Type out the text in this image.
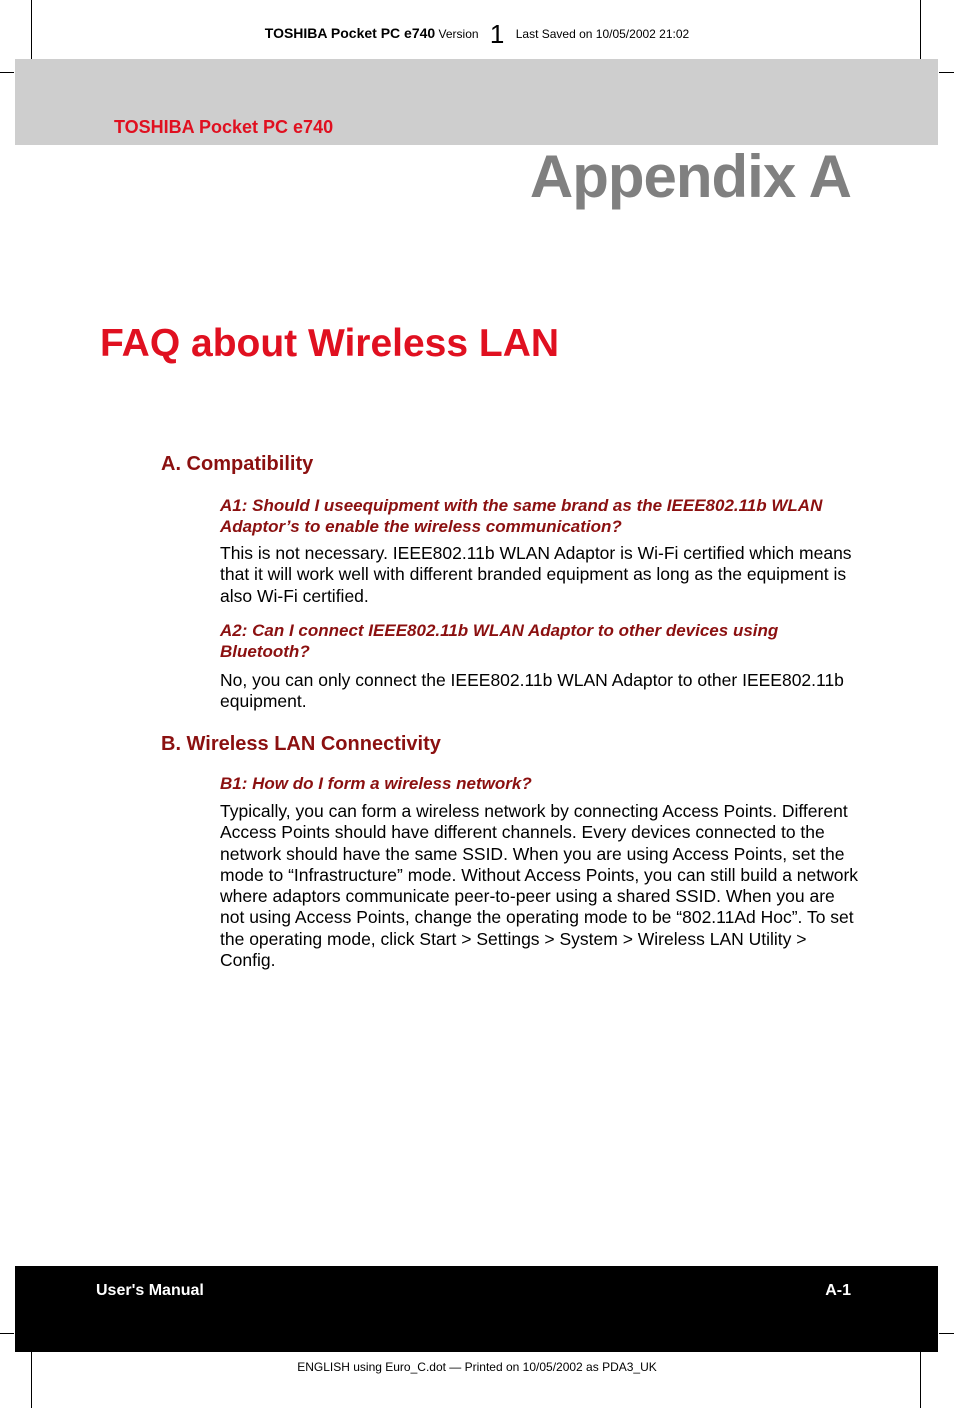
TOSHIBA Pocket PC e740 Version 1 Last Saved on 10/05/2002 21:02
TOSHIBA Pocket PC e740
Appendix A
FAQ about Wireless LAN
A. Compatibility
A1: Should I useequipment with the same brand as the IEEE802.11b WLAN Adaptor’s to enable the wireless communication?
This is not necessary. IEEE802.11b WLAN Adaptor is Wi-Fi certified which means that it will work well with different branded equipment as long as the equipment is also Wi-Fi certified.
A2: Can I connect IEEE802.11b WLAN Adaptor to other devices using Bluetooth?
No, you can only connect the IEEE802.11b WLAN Adaptor to other IEEE802.11b equipment.
B. Wireless LAN Connectivity
B1: How do I form a wireless network?
Typically, you can form a wireless network by connecting Access Points. Different Access Points should have different channels. Every devices connected to the network should have the same SSID. When you are using Access Points, set the mode to “Infrastructure” mode. Without Access Points, you can still build a network where adaptors communicate peer-to-peer using a shared SSID. When you are not using Access Points, change the operating mode to be “802.11Ad Hoc”. To set the operating mode, click Start > Settings > System > Wireless LAN Utility > Config.
User's Manual	A-1
ENGLISH using Euro_C.dot — Printed on 10/05/2002 as PDA3_UK
